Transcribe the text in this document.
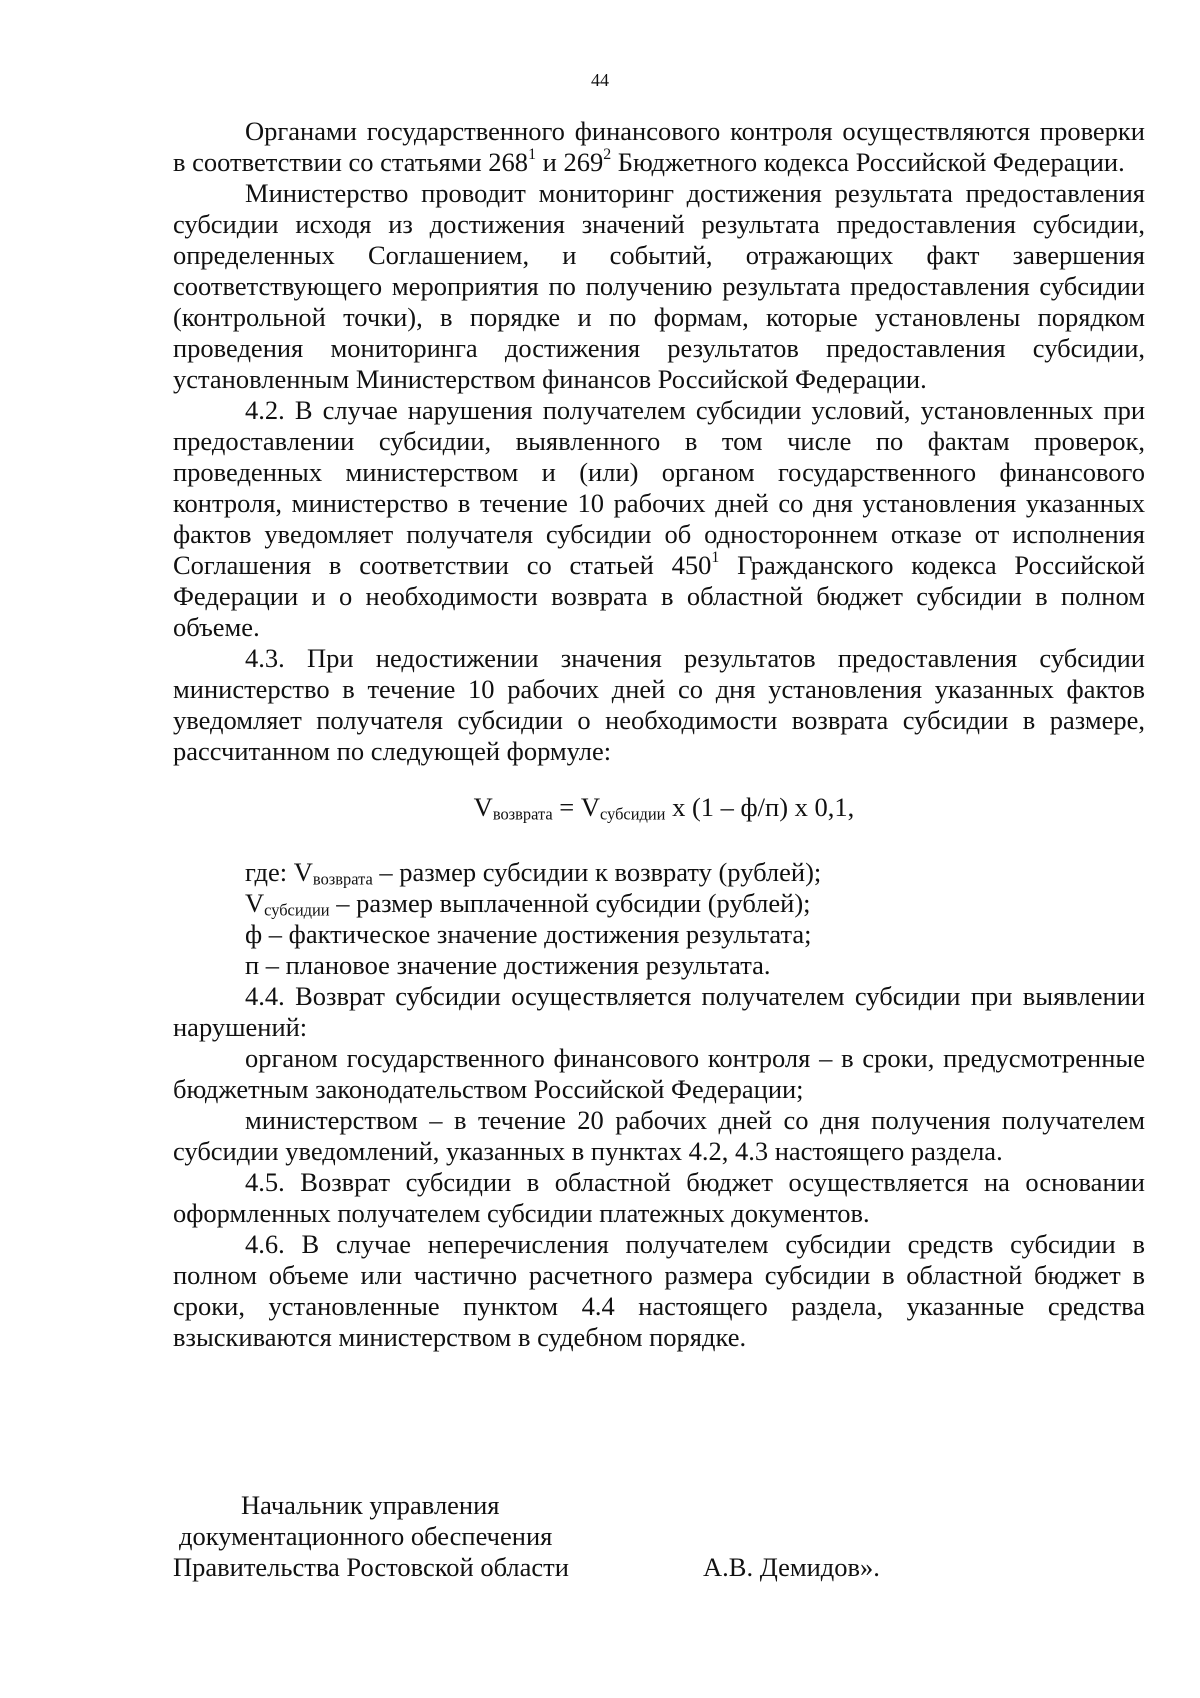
44

Органами государственного финансового контроля осуществляются проверки в соответствии со статьями $268^1$ и $269^2$ Бюджетного кодекса Российской Федерации.

Министерство проводит мониторинг достижения результата предоставления субсидии исходя из достижения значений результата предоставления субсидии, определенных Соглашением, и событий, отражающих факт завершения соответствующего мероприятия по получению результата предоставления субсидии (контрольной точки), в порядке и по формам, которые установлены порядком проведения мониторинга достижения результатов предоставления субсидии, установленным Министерством финансов Российской Федерации.

4.2. В случае нарушения получателем субсидии условий, установленных при предоставлении субсидии, выявленного в том числе по фактам проверок, проведенных министерством и (или) органом государственного финансового контроля, министерство в течение 10 рабочих дней со дня установления указанных фактов уведомляет получателя субсидии об одностороннем отказе от исполнения Соглашения в соответствии со статьей $450^1$ Гражданского кодекса Российской Федерации и о необходимости возврата в областной бюджет субсидии в полном объеме.

4.3. При недостижении значения результатов предоставления субсидии министерство в течение 10 рабочих дней со дня установления указанных фактов уведомляет получателя субсидии о необходимости возврата субсидии в размере, рассчитанном по следующей формуле:

$V_{возврата} = V_{субсидии}$ x (1 – ф/п) x 0,1,

где: $V_{возврата}$ – размер субсидии к возврату (рублей);

$V_{субсидии}$ – размер выплаченной субсидии (рублей);

ф – фактическое значение достижения результата;

п – плановое значение достижения результата.

4.4. Возврат субсидии осуществляется получателем субсидии при выявлении нарушений:

органом государственного финансового контроля – в сроки, предусмотренные бюджетным законодательством Российской Федерации;

министерством – в течение 20 рабочих дней со дня получения получателем субсидии уведомлений, указанных в пунктах 4.2, 4.3 настоящего раздела.

4.5. Возврат субсидии в областной бюджет осуществляется на основании оформленных получателем субсидии платежных документов.

4.6. В случае неперечисления получателем субсидии средств субсидии в полном объеме или частично расчетного размера субсидии в областной бюджет в сроки, установленные пунктом 4.4 настоящего раздела, указанные средства взыскиваются министерством в судебном порядке.

Начальник управления

документационного обеспечения

Правительства Ростовской области	А.В. Демидов».
